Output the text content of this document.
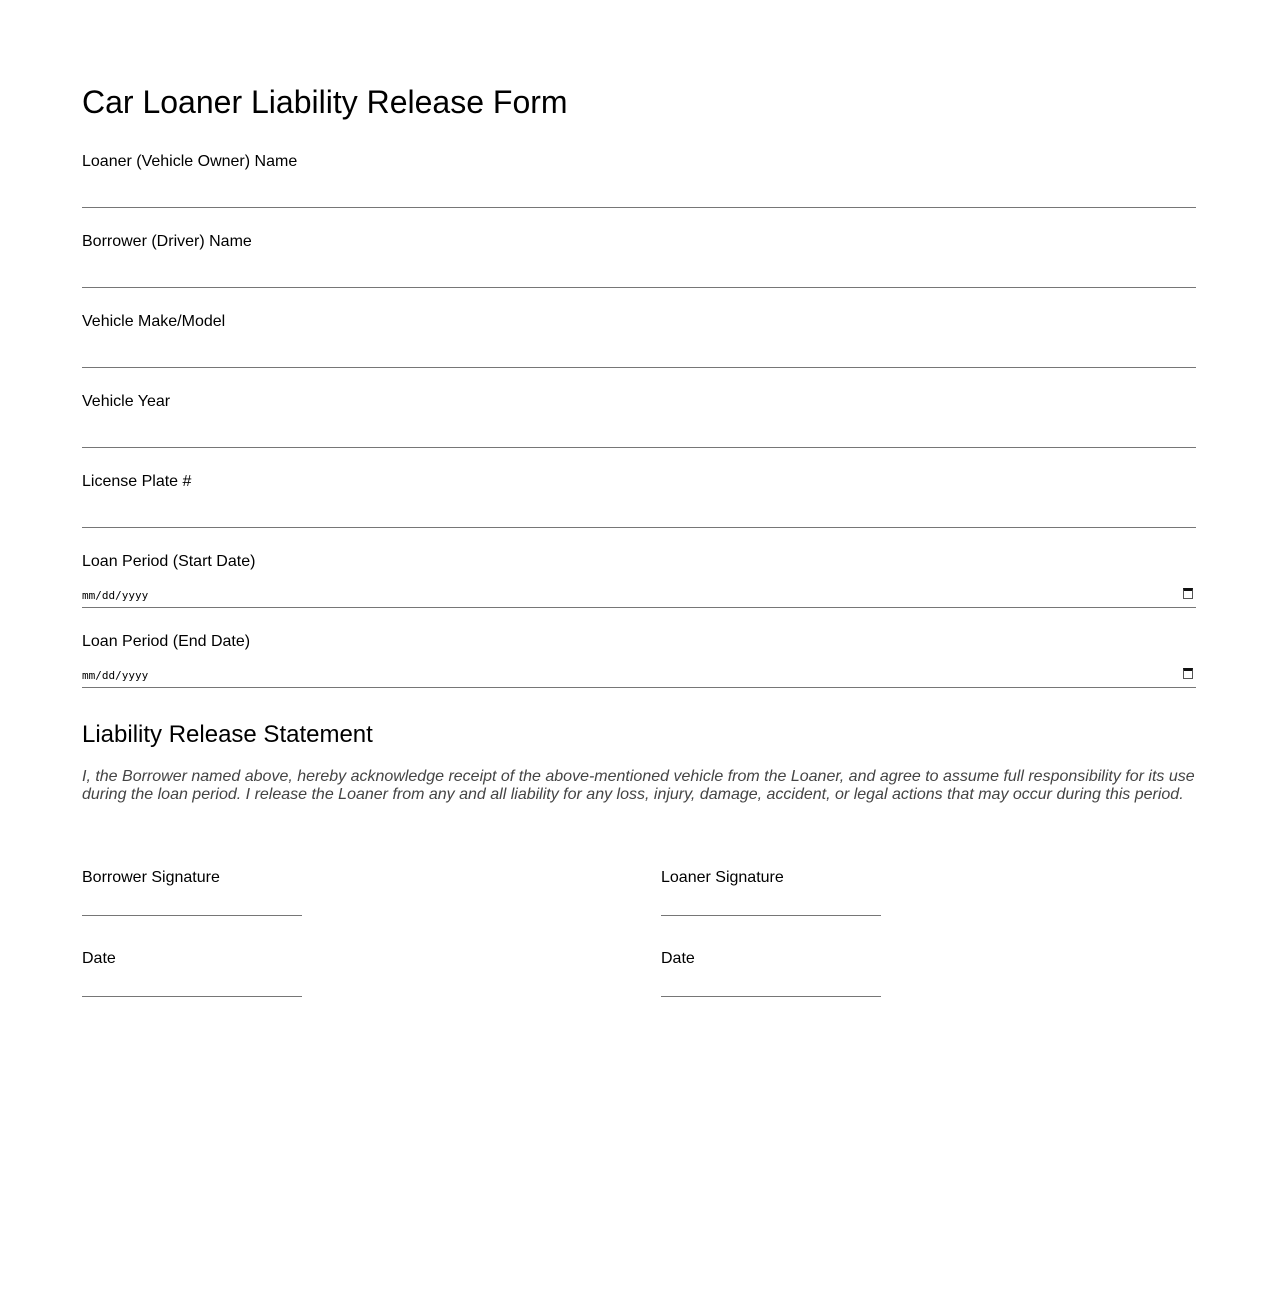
Car Loaner Liability Release Form
Loaner (Vehicle Owner) Name
Borrower (Driver) Name
Vehicle Make/Model
Vehicle Year
License Plate #
Loan Period (Start Date)
mm/dd/yyyy
Loan Period (End Date)
mm/dd/yyyy
Liability Release Statement

I, the Borrower named above, hereby acknowledge receipt of the above-mentioned vehicle from the Loaner, and agree to assume full responsibility for its use during the loan period. I release the Loaner from any and all liability for any loss, injury, damage, accident, or legal actions that may occur during this period.

Borrower Signature
Date
Loaner Signature
Date
